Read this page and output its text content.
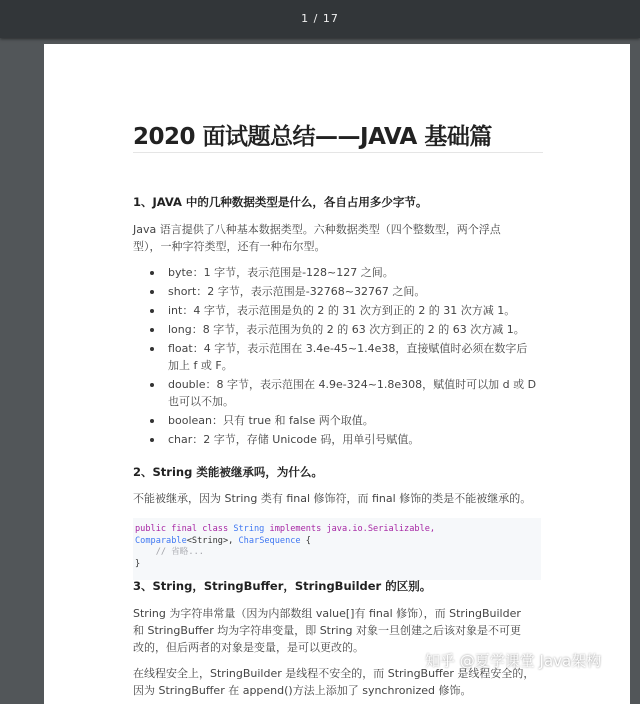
1 / 17
2020 面试题总结——JAVA 基础篇
1、JAVA 中的几种数据类型是什么，各自占用多少字节。

Java 语言提供了八种基本数据类型。六种数据类型（四个整数型，两个浮点
型），一种字符类型，还有一种布尔型。

byte：1 字节，表示范围是-128~127 之间。
short：2 字节，表示范围是-32768~32767 之间。
int：4 字节，表示范围是负的 2 的 31 次方到正的 2 的 31 次方减 1。
long：8 字节，表示范围为负的 2 的 63 次方到正的 2 的 63 次方减 1。
float：4 字节，表示范围在 3.4e-45~1.4e38，直接赋值时必须在数字后
加上 f 或 F。
double：8 字节，表示范围在 4.9e-324~1.8e308，赋值时可以加 d 或 D
也可以不加。
boolean：只有 true 和 false 两个取值。
char：2 字节，存储 Unicode 码，用单引号赋值。
2、String 类能被继承吗，为什么。

不能被继承，因为 String 类有 final 修饰符，而 final 修饰的类是不能被继承的。

public final class String implements java.io.Serializable,
Comparable<String>, CharSequence {
// 省略...
}
3、String，StringBuffer，StringBuilder 的区别。

String 为字符串常量（因为内部数组 value[]有 final 修饰），而 StringBuilder
和 StringBuffer 均为字符串变量，即 String 对象一旦创建之后该对象是不可更
改的，但后两者的对象是变量，是可以更改的。

在线程安全上，StringBuilder 是线程不安全的，而 StringBuffer 是线程安全的，
因为 StringBuffer 在 append()方法上添加了 synchronized 修饰。

知乎 @夏学课堂 Java架构
